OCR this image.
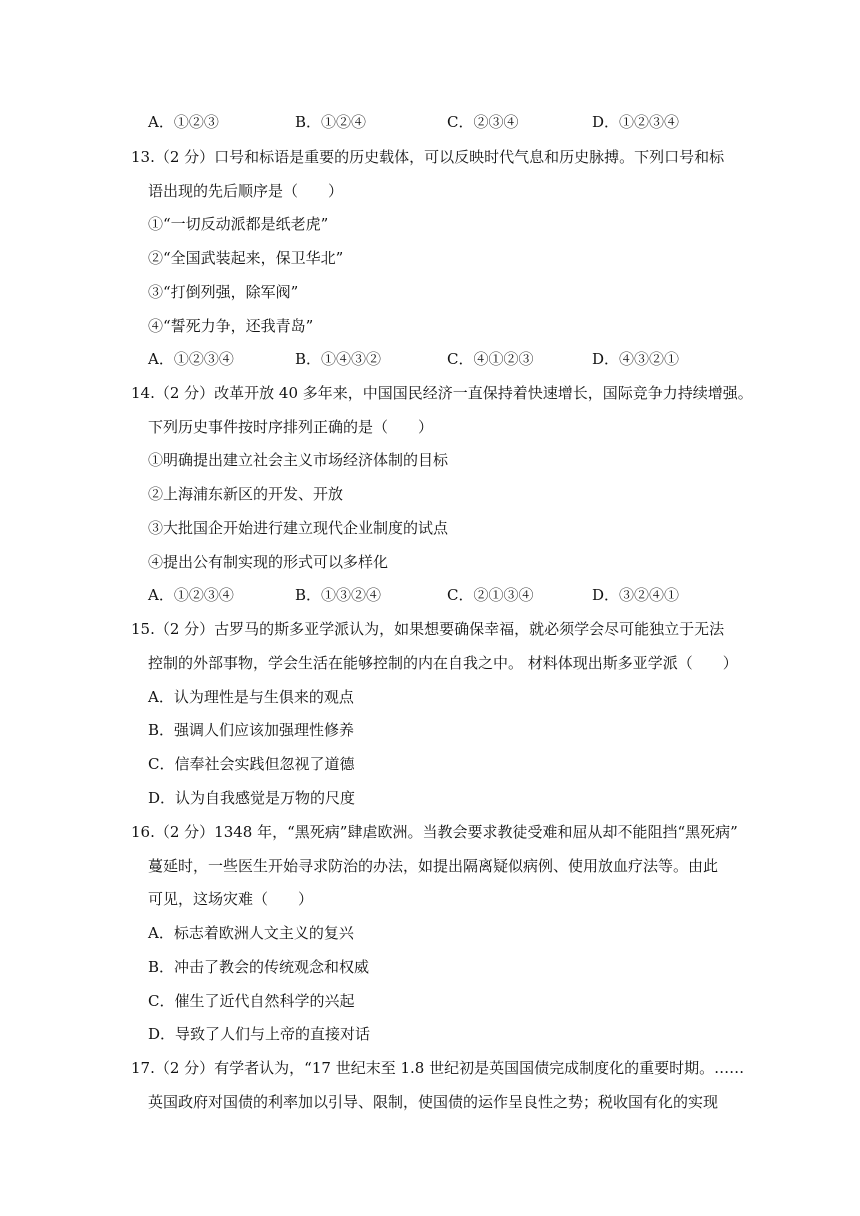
A．①②③	B．①②④	C．②③④	D．①②③④
13.（2 分）口号和标语是重要的历史载体，可以反映时代气息和历史脉搏。下列口号和标
语出现的先后顺序是（　　）
①“一切反动派都是纸老虎”
②“全国武装起来，保卫华北”
③“打倒列强，除军阀”
④“誓死力争，还我青岛”
A．①②③④	B．①④③②	C．④①②③	D．④③②①
14.（2 分）改革开放 40 多年来，中国国民经济一直保持着快速增长，国际竞争力持续增强。
下列历史事件按时序排列正确的是（　　）
①明确提出建立社会主义市场经济体制的目标
②上海浦东新区的开发、开放
③大批国企开始进行建立现代企业制度的试点
④提出公有制实现的形式可以多样化
A．①②③④	B．①③②④	C．②①③④	D．③②④①
15.（2 分）古罗马的斯多亚学派认为，如果想要确保幸福，就必须学会尽可能独立于无法
控制的外部事物，学会生活在能够控制的内在自我之中。 材料体现出斯多亚学派（　　）
A．认为理性是与生俱来的观点
B．强调人们应该加强理性修养
C．信奉社会实践但忽视了道德
D．认为自我感觉是万物的尺度
16.（2 分）1348 年，“黑死病”肆虐欧洲。当教会要求教徒受难和屈从却不能阻挡“黑死病”
蔓延时，一些医生开始寻求防治的办法，如提出隔离疑似病例、使用放血疗法等。由此
可见，这场灾难（　　）
A．标志着欧洲人文主义的复兴
B．冲击了教会的传统观念和权威
C．催生了近代自然科学的兴起
D．导致了人们与上帝的直接对话
17.（2 分）有学者认为，“17 世纪末至 1.8 世纪初是英国国债完成制度化的重要时期。……
英国政府对国债的利率加以引导、限制，使国债的运作呈良性之势；税收国有化的实现
